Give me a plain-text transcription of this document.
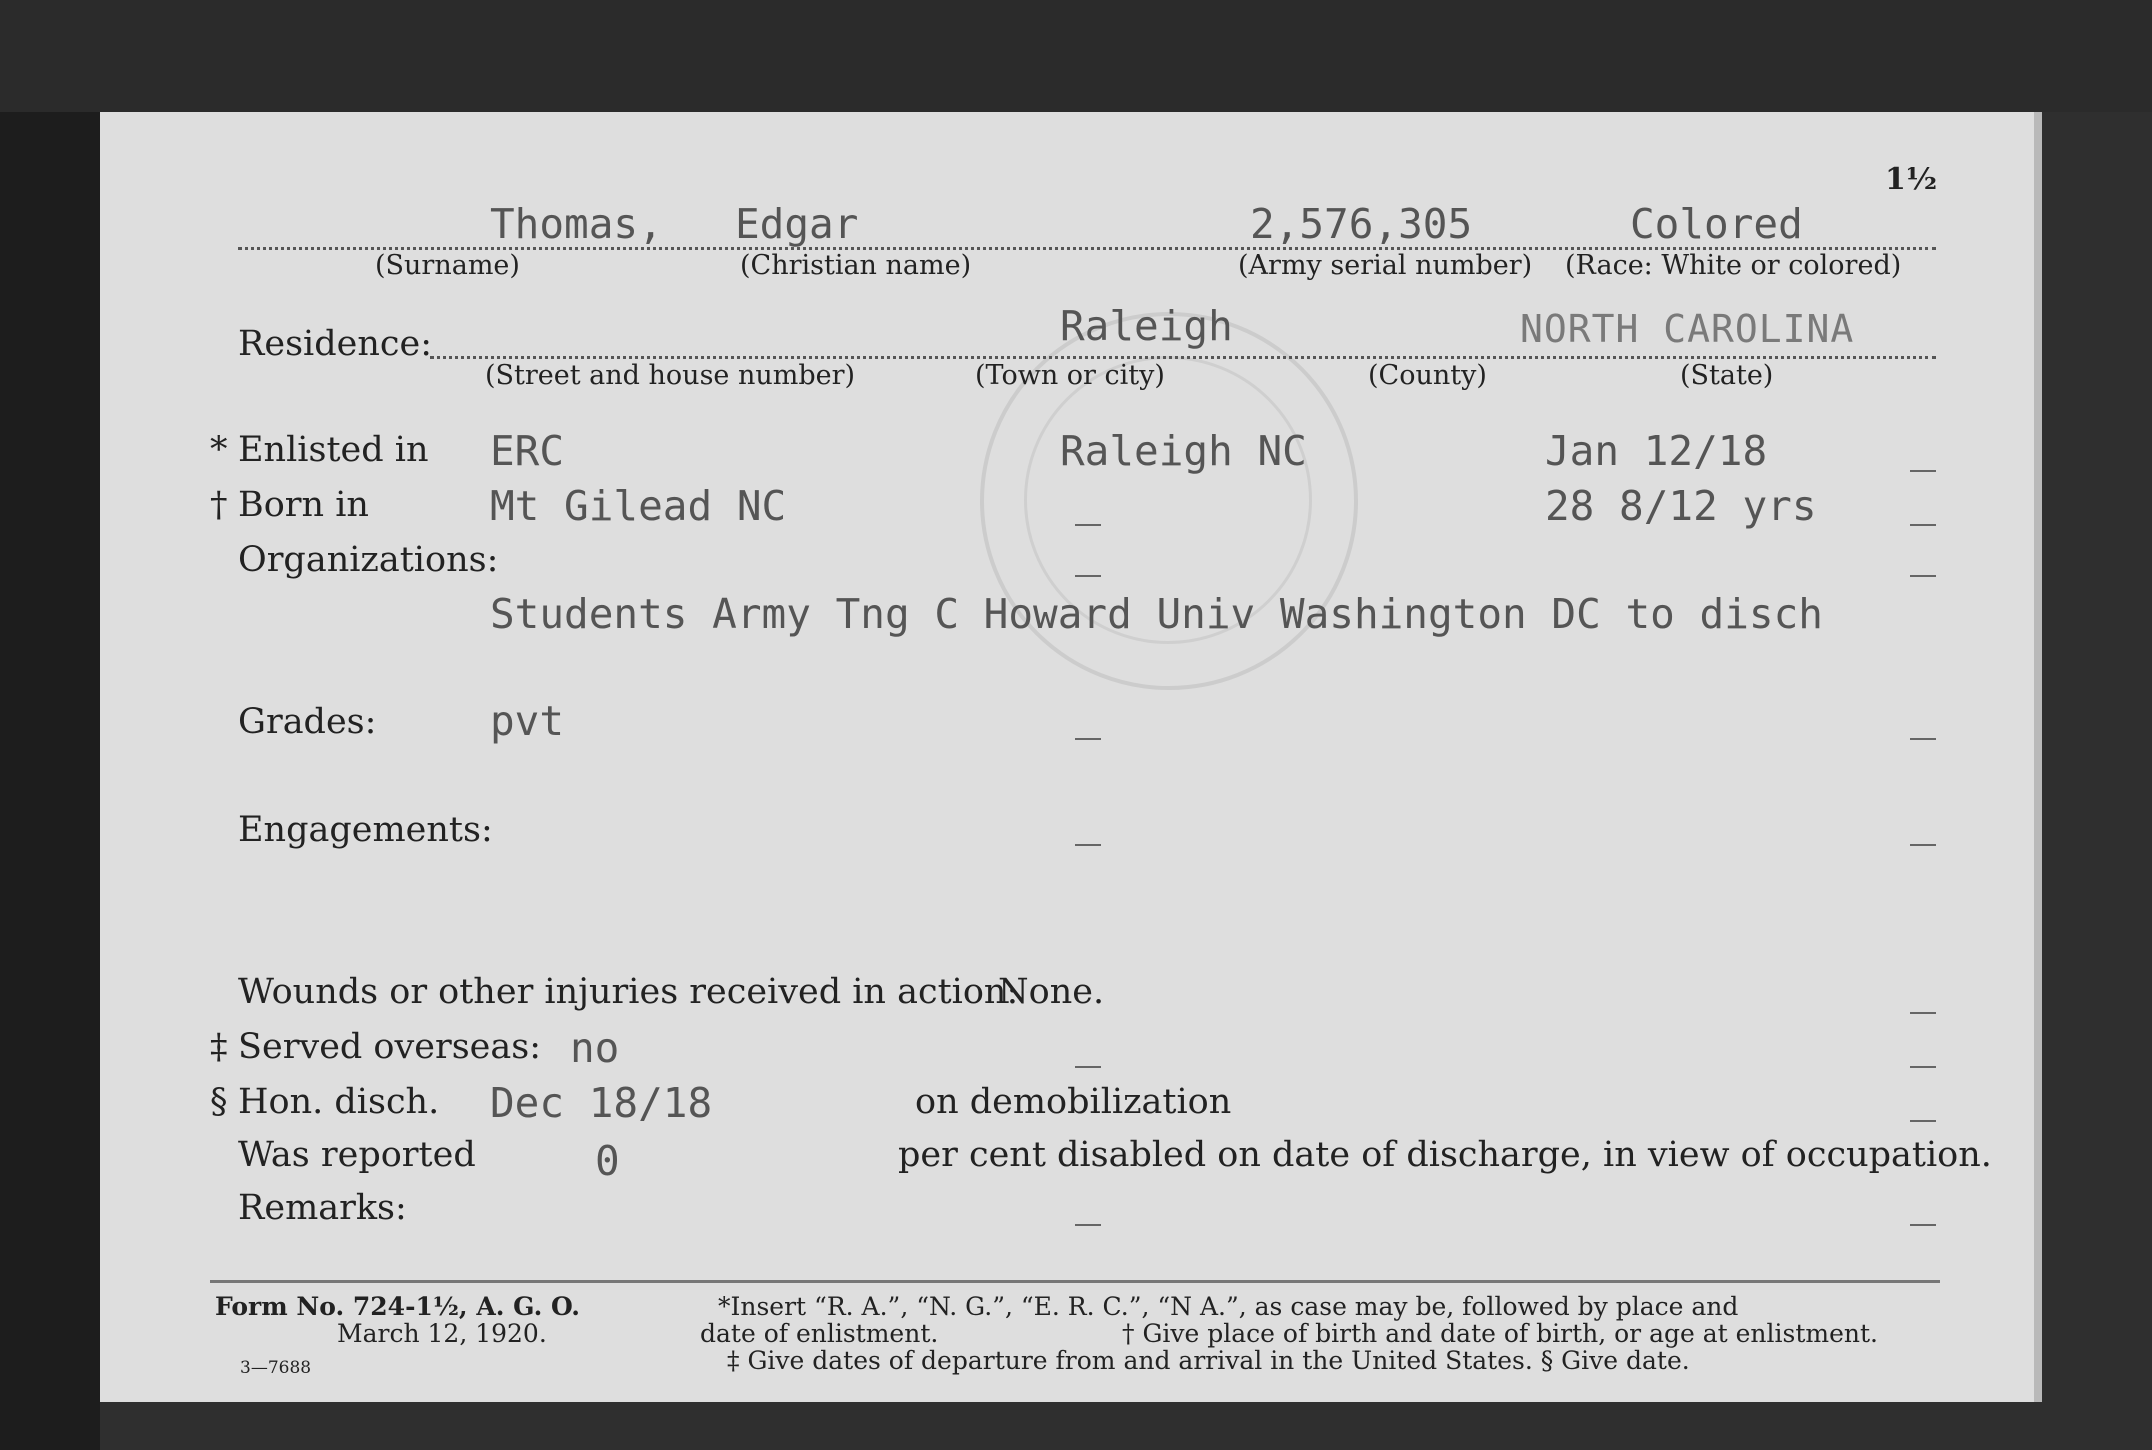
1½
Thomas, Edgar	2,576,305	Colored
(Surname)	(Christian name)	(Army serial number) (Race: White or colored)
Residence:	Raleigh	NORTH CAROLINA
(Street and house number)	(Town or city)	(County)	(State)
* Enlisted in ERC	Raleigh NC	Jan 12/18
† Born in	Mt Gilead NC	28 8/12 yrs
Organizations:
Students Army Tng C Howard Univ Washington DC to disch
Grades:	pvt
Engagements:
Wounds or other injuries received in action:
None.
‡ Served overseas: no
§ Hon. disch. Dec 18/18	on demobilization
Was reported	0	per cent disabled on date of discharge, in view of occupation.
Remarks:
Form No. 724-1½, A. G. O.
March 12, 1920.
3—7688
*Insert “R. A.”, “N. G.”, “E. R. C.”, “N A.”, as case may be, followed by place and
date of enlistment.	† Give place of birth and date of birth, or age at enlistment.
‡ Give dates of departure from and arrival in the United States. § Give date.
